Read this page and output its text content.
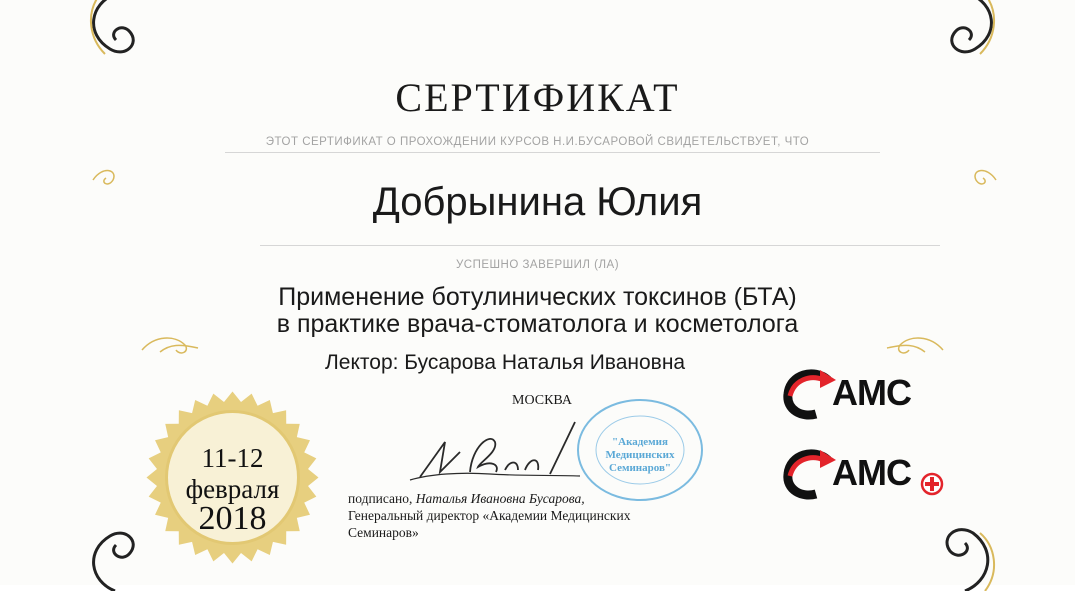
СЕРТИФИКАТ
ЭТОТ СЕРТИФИКАТ О ПРОХОЖДЕНИИ КУРСОВ Н.И.БУСАРОВОЙ СВИДЕТЕЛЬСТВУЕТ, ЧТО
Добрынина Юлия
УСПЕШНО ЗАВЕРШИЛ (ЛА)
Применение ботулинических токсинов (БТА)
в практике врача-стоматолога и косметолога
Лектор: Бусарова Наталья Ивановна
МОСКВА
11-12
февраля
2018
"Академия
Медицинских
Семинаров"
подписано, Наталья Ивановна Бусарова,
Генеральный директор «Академии Медицинских
Семинаров»
АМС
АМС
